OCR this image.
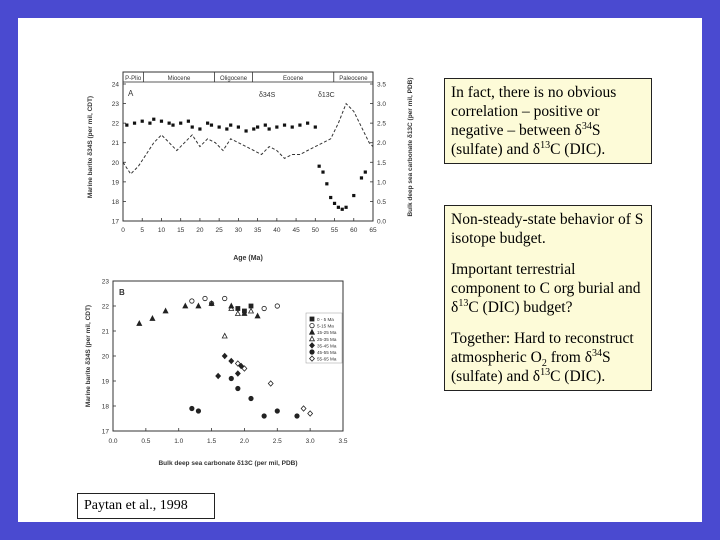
P-Plio	Miocene	Oligocene	Eocene	Paleocene
0 5 10 15 20 25 30 35 40 45 50 55 60 65
17
18
19
20
21
22
23
24
0.0
0.5
1.0
1.5
2.0
2.5
3.0
3.5
A	δ34S	δ13C
Age (Ma)
Marine barite δ34S (per mil, CDT)	Bulk deep sea carbonate δ13C (per mil, PDB)
0.0	0.5	1.0	1.5	2.0	2.5	3.0	3.5
17
18
19
20
21
22
23
0 - 5 Ma
5-15 Ma
15-25 Ma
25-35 Ma
35-45 Ma
45-55 Ma
55-65 Ma
B
Bulk deep sea carbonate δ13C (per mil, PDB)
Marine barite δ34S (per mil, CDT)

In fact, there is no obvious correlation – positive or negative – between $\delta^{34}S$ (sulfate) and $\delta^{13}C$ (DIC).

Non-steady-state behavior of S isotope budget.

Important terrestrial component to C org burial and $\delta^{13}C$ (DIC) budget?

Together: Hard to reconstruct atmospheric $O_2$ from $\delta^{34}S$ (sulfate) and $\delta^{13}C$ (DIC).

Paytan et al., 1998
